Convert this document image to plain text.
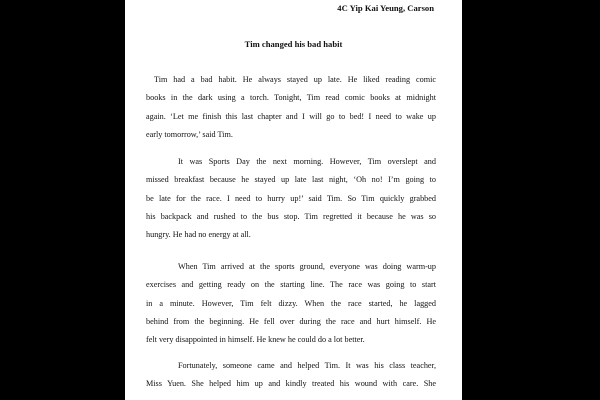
4C Yip Kai Yeung, Carson
Tim changed his bad habit

Tim had a bad habit. He always stayed up late. He liked reading comic
books in the dark using a torch. Tonight, Tim read comic books at midnight
again. ‘Let me finish this last chapter and I will go to bed! I need to wake up
early tomorrow,’ said Tim.

It was Sports Day the next morning. However, Tim overslept and
missed breakfast because he stayed up late last night, ‘Oh no! I’m going to
be late for the race. I need to hurry up!’ said Tim. So Tim quickly grabbed
his backpack and rushed to the bus stop. Tim regretted it because he was so
hungry. He had no energy at all.

When Tim arrived at the sports ground, everyone was doing warm-up
exercises and getting ready on the starting line. The race was going to start
in a minute. However, Tim felt dizzy. When the race started, he lagged
behind from the beginning. He fell over during the race and hurt himself. He
felt very disappointed in himself. He knew he could do a lot better.

Fortunately, someone came and helped Tim. It was his class teacher,
Miss Yuen. She helped him up and kindly treated his wound with care. She
